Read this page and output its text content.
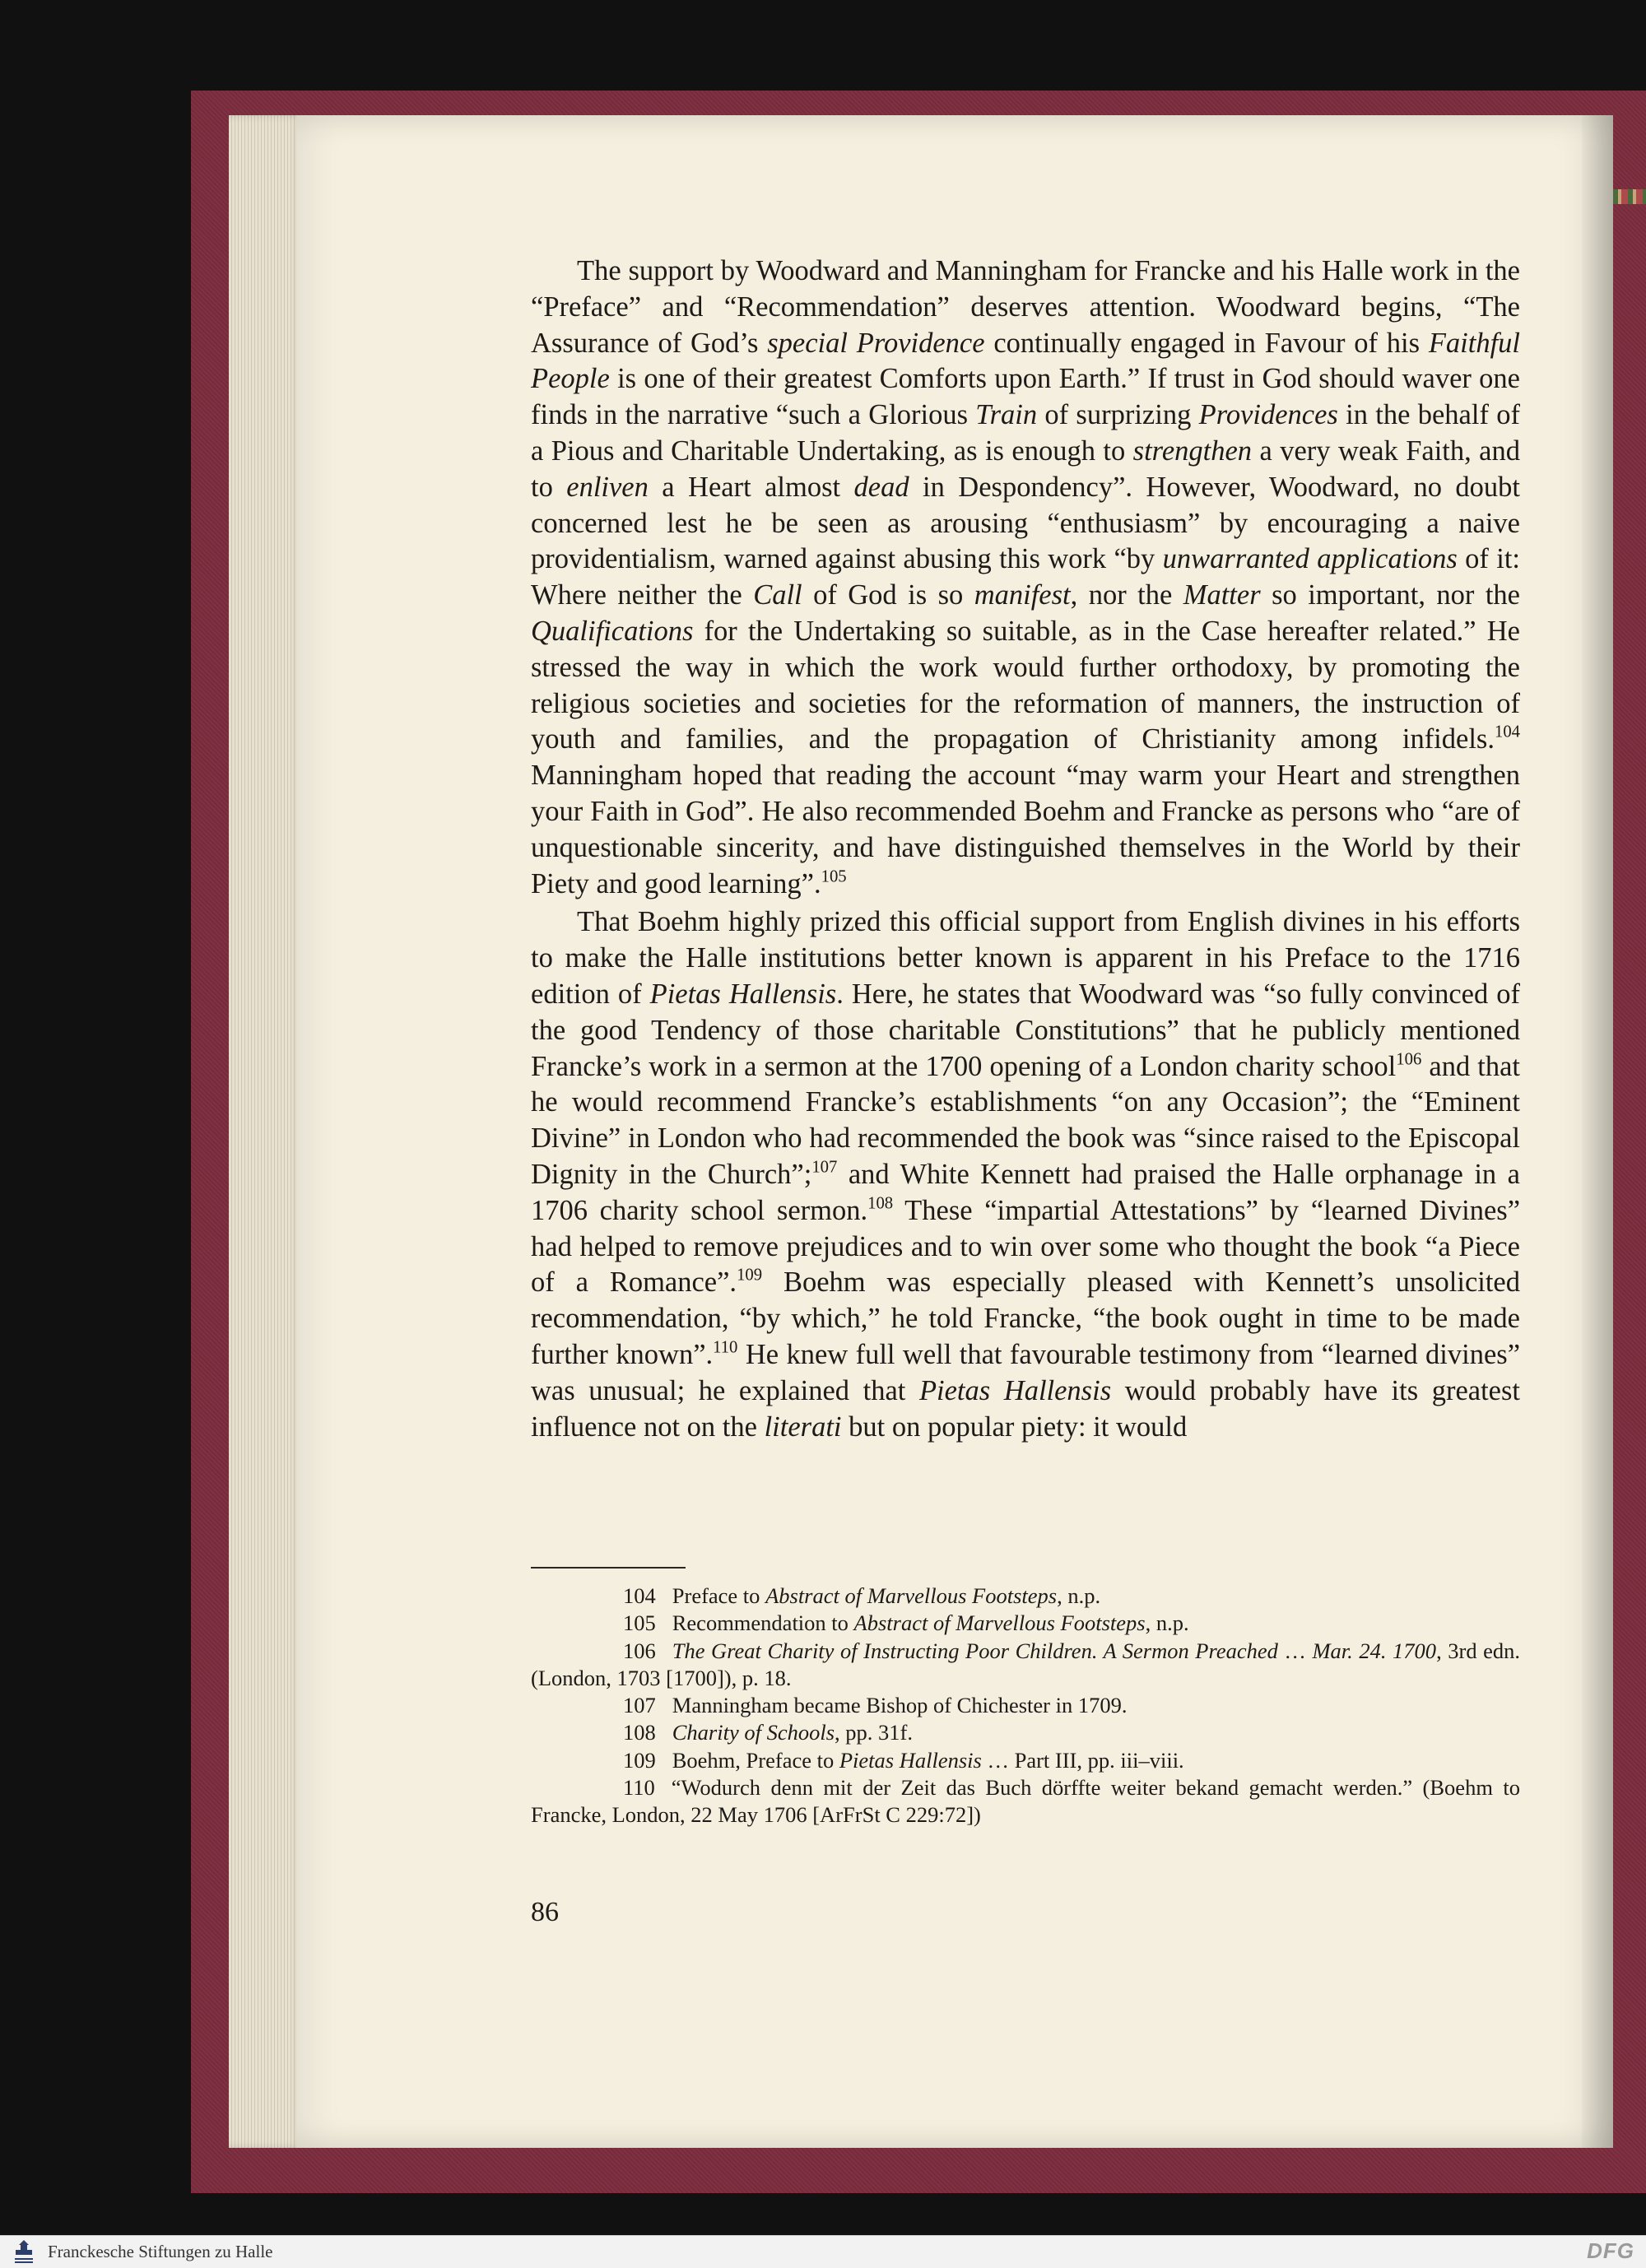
The support by Woodward and Manningham for Francke and his Halle work in the “Preface” and “Recommendation” deserves attention. Woodward begins, “The Assurance of God’s special Providence continually engaged in Favour of his Faithful People is one of their greatest Comforts upon Earth.” If trust in God should waver one finds in the narrative “such a Glorious Train of surprizing Providences in the behalf of a Pious and Charitable Undertaking, as is enough to strengthen a very weak Faith, and to enliven a Heart almost dead in Despondency”. However, Woodward, no doubt concerned lest he be seen as arousing “enthusiasm” by encouraging a naive providentialism, warned against abusing this work “by unwarranted applications of it: Where neither the Call of God is so manifest, nor the Matter so important, nor the Qualifications for the Undertaking so suitable, as in the Case hereafter related.” He stressed the way in which the work would further orthodoxy, by promoting the religious societies and societies for the reformation of manners, the instruction of youth and families, and the propagation of Christianity among infidels.$^{104}$ Manningham hoped that reading the account “may warm your Heart and strengthen your Faith in God”. He also recommended Boehm and Francke as persons who “are of unquestionable sincerity, and have distinguished themselves in the World by their Piety and good learning”.$^{105}$

That Boehm highly prized this official support from English divines in his efforts to make the Halle institutions better known is apparent in his Preface to the 1716 edition of Pietas Hallensis. Here, he states that Woodward was “so fully convinced of the good Tendency of those charitable Constitutions” that he publicly mentioned Francke’s work in a sermon at the 1700 opening of a London charity school$^{106}$ and that he would recommend Francke’s establishments “on any Occasion”; the “Eminent Divine” in London who had recommended the book was “since raised to the Episcopal Dignity in the Church”;$^{107}$ and White Kennett had praised the Halle orphanage in a 1706 charity school sermon.$^{108}$ These “impartial Attestations” by “learned Divines” had helped to remove prejudices and to win over some who thought the book “a Piece of a Romance”.$^{109}$ Boehm was especially pleased with Kennett’s unsolicited recommendation, “by which,” he told Francke, “the book ought in time to be made further known”.$^{110}$ He knew full well that favourable testimony from “learned divines” was unusual; he explained that Pietas Hallensis would probably have its greatest influence not on the literati but on popular piety: it would

104 Preface to Abstract of Marvellous Footsteps, n.p.

105 Recommendation to Abstract of Marvellous Footsteps, n.p.

106 The Great Charity of Instructing Poor Children. A Sermon Preached … Mar. 24. 1700, 3rd edn. (London, 1703 [1700]), p. 18.

107 Manningham became Bishop of Chichester in 1709.

108 Charity of Schools, pp. 31f.

109 Boehm, Preface to Pietas Hallensis … Part III, pp. iii–viii.

110 “Wodurch denn mit der Zeit das Buch dörffte weiter bekand gemacht werden.” (Boehm to Francke, London, 22 May 1706 [ArFrSt C 229:72])

86
Franckesche Stiftungen zu Halle	DFG
